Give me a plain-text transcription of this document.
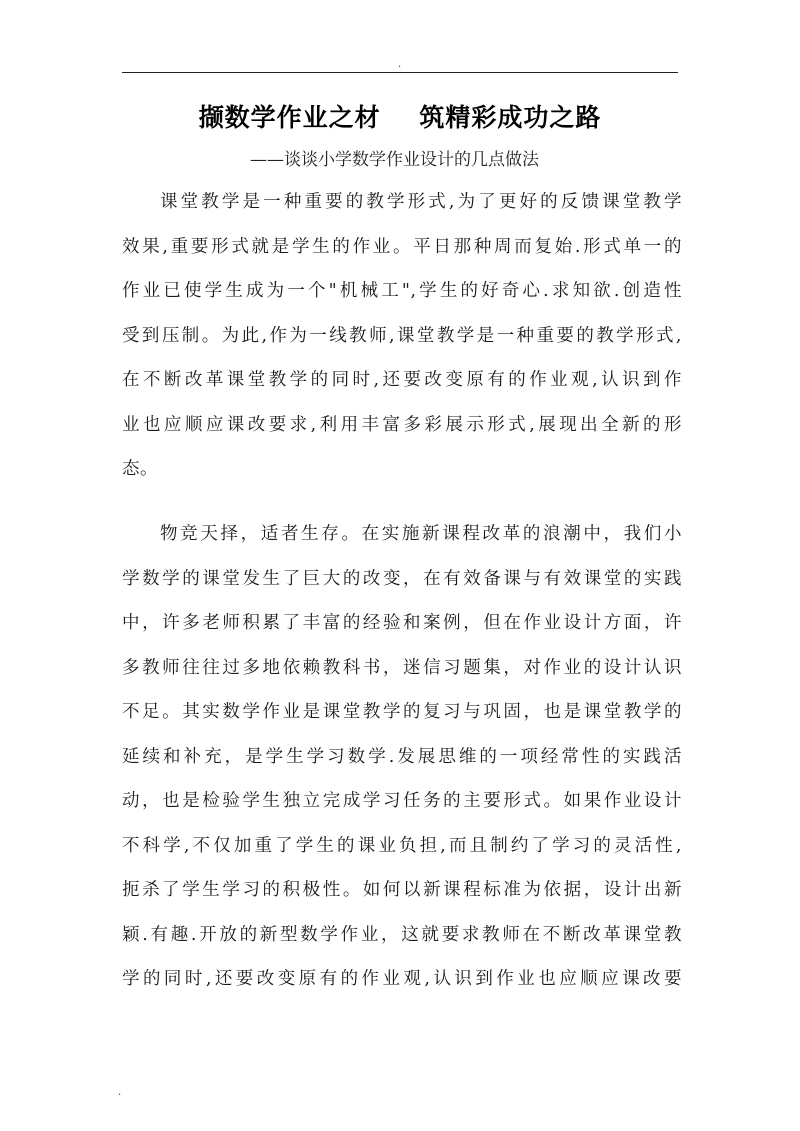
.
撷数学作业之材    筑精彩成功之路
——谈谈小学数学作业设计的几点做法
课堂教学是一种重要的教学形式,为了更好的反馈课堂教学
效果,重要形式就是学生的作业。平日那种周而复始.形式单一的
作业已使学生成为一个"机械工",学生的好奇心.求知欲.创造性
受到压制。为此,作为一线教师,课堂教学是一种重要的教学形式,
在不断改革课堂教学的同时,还要改变原有的作业观,认识到作
业也应顺应课改要求,利用丰富多彩展示形式,展现出全新的形
态。
物竞天择，适者生存。在实施新课程改革的浪潮中，我们小
学数学的课堂发生了巨大的改变，在有效备课与有效课堂的实践
中，许多老师积累了丰富的经验和案例，但在作业设计方面，许
多教师往往过多地依赖教科书，迷信习题集，对作业的设计认识
不足。其实数学作业是课堂教学的复习与巩固，也是课堂教学的
延续和补充，是学生学习数学.发展思维的一项经常性的实践活
动，也是检验学生独立完成学习任务的主要形式。如果作业设计
不科学,不仅加重了学生的课业负担,而且制约了学习的灵活性,
扼杀了学生学习的积极性。如何以新课程标准为依据，设计出新
颖.有趣.开放的新型数学作业，这就要求教师在不断改革课堂教
学的同时,还要改变原有的作业观,认识到作业也应顺应课改要
.
